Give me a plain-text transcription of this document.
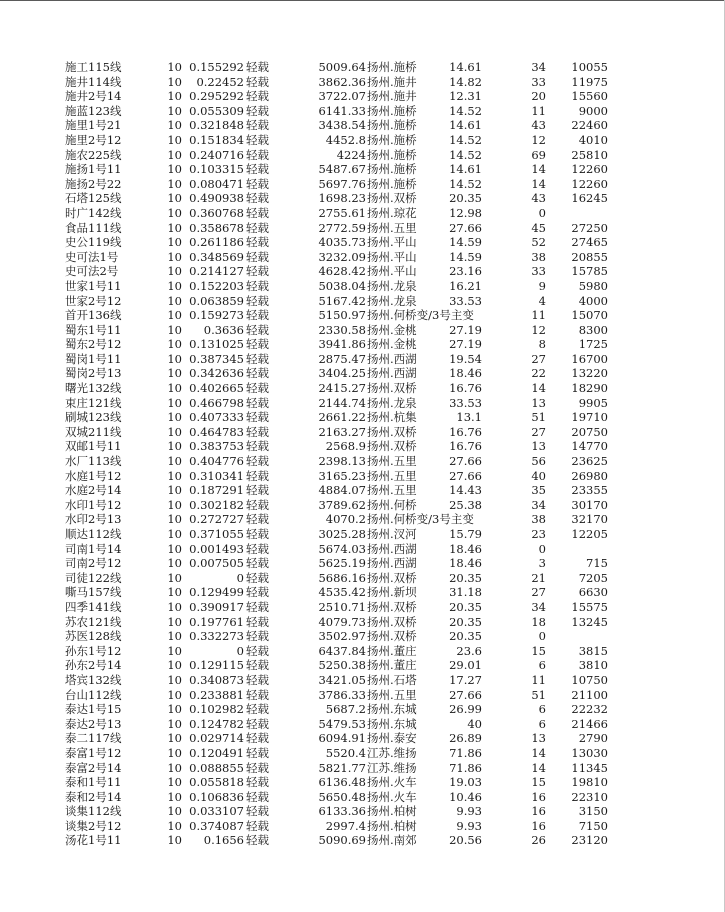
施工115线	10 0.155292 轻载	5009.64 扬州.施桥	14.61	34	10055
施井114线	10	0.22452 轻载	3862.36 扬州.施井	14.82	33	11975
施井2号14	10 0.295292 轻载	3722.07 扬州.施井	12.31	20	15560
施蓝123线	10 0.055309 轻载	6141.33 扬州.施桥	14.52	11	9000
施里1号21	10 0.321848 轻载	3438.54 扬州.施桥	14.61	43	22460
施里2号12	10 0.151834 轻载	4452.8 扬州.施桥	14.52	12	4010
施农225线	10 0.240716 轻载	4224 扬州.施桥	14.52	69	25810
施扬1号11	10 0.103315 轻载	5487.67 扬州.施桥	14.61	14	12260
施扬2号22	10 0.080471 轻载	5697.76 扬州.施桥	14.52	14	12260
石塔125线	10 0.490938 轻载	1698.23 扬州.双桥	20.35	43	16245
时广142线	10 0.360768 轻载	2755.61 扬州.琼花	12.98	0
食品111线	10 0.358678 轻载	2772.59 扬州.五里	27.66	45	27250
史公119线	10 0.261186 轻载	4035.73 扬州.平山	14.59	52	27465
史可法1号	10 0.348569 轻载	3232.09 扬州.平山	14.59	38	20855
史可法2号	10 0.214127 轻载	4628.42 扬州.平山	23.16	33	15785
世家1号11	10 0.152203 轻载	5038.04 扬州.龙泉	16.21	9	5980
世家2号12	10 0.063859 轻载	5167.42 扬州.龙泉	33.53	4	4000
首开136线	10 0.159273 轻载	5150.97 扬州.何桥变/3号主变	11	15070
蜀东1号11	10	0.3636 轻载	2330.58 扬州.金桃	27.19	12	8300
蜀东2号12	10 0.131025 轻载	3941.86 扬州.金桃	27.19	8	1725
蜀岗1号11	10 0.387345 轻载	2875.47 扬州.西湖	19.54	27	16700
蜀岗2号13	10 0.342636 轻载	3404.25 扬州.西湖	18.46	22	13220
曙光132线	10 0.402665 轻载	2415.27 扬州.双桥	16.76	14	18290
束庄121线	10 0.466798 轻载	2144.74 扬州.龙泉	33.53	13	9905
刷城123线	10 0.407333 轻载	2661.22 扬州.杭集	13.1	51	19710
双城211线	10 0.464783 轻载	2163.27 扬州.双桥	16.76	27	20750
双邮1号11	10 0.383753 轻载	2568.9 扬州.双桥	16.76	13	14770
水厂113线	10 0.404776 轻载	2398.13 扬州.五里	27.66	56	23625
水庭1号12	10 0.310341 轻载	3165.23 扬州.五里	27.66	40	26980
水庭2号14	10 0.187291 轻载	4884.07 扬州.五里	14.43	35	23355
水印1号12	10 0.302182 轻载	3789.62 扬州.何桥	25.38	34	30170
水印2号13	10 0.272727 轻载	4070.2 扬州.何桥变/3号主变	38	32170
顺达112线	10 0.371055 轻载	3025.28 扬州.汊河	15.79	23	12205
司南1号14	10 0.001493 轻载	5674.03 扬州.西湖	18.46	0
司南2号12	10 0.007505 轻载	5625.19 扬州.西湖	18.46	3	715
司徒122线	10	0 轻载	5686.16 扬州.双桥	20.35	21	7205
嘶马157线	10 0.129499 轻载	4535.42 扬州.新坝	31.18	27	6630
四季141线	10 0.390917 轻载	2510.71 扬州.双桥	20.35	34	15575
苏农121线	10 0.197761 轻载	4079.73 扬州.双桥	20.35	18	13245
苏医128线	10 0.332273 轻载	3502.97 扬州.双桥	20.35	0
孙东1号12	10	0 轻载	6437.84 扬州.董庄	23.6	15	3815
孙东2号14	10 0.129115 轻载	5250.38 扬州.董庄	29.01	6	3810
塔宾132线	10 0.340873 轻载	3421.05 扬州.石塔	17.27	11	10750
台山112线	10 0.233881 轻载	3786.33 扬州.五里	27.66	51	21100
泰达1号15	10 0.102982 轻载	5687.2 扬州.东城	26.99	6	22232
泰达2号13	10 0.124782 轻载	5479.53 扬州.东城	40	6	21466
泰二117线	10 0.029714 轻载	6094.91 扬州.泰安	26.89	13	2790
泰富1号12	10 0.120491 轻载	5520.4 江苏.维扬	71.86	14	13030
泰富2号14	10 0.088855 轻载	5821.77 江苏.维扬	71.86	14	11345
泰和1号11	10 0.055818 轻载	6136.48 扬州.火车	19.03	15	19810
泰和2号14	10 0.106836 轻载	5650.48 扬州.火车	10.46	16	22310
谈集112线	10 0.033107 轻载	6133.36 扬州.柏树	9.93	16	3150
谈集2号12	10 0.374087 轻载	2997.4 扬州.柏树	9.93	16	7150
汤花1号11	10	0.1656 轻载	5090.69 扬州.南郊	20.56	26	23120
